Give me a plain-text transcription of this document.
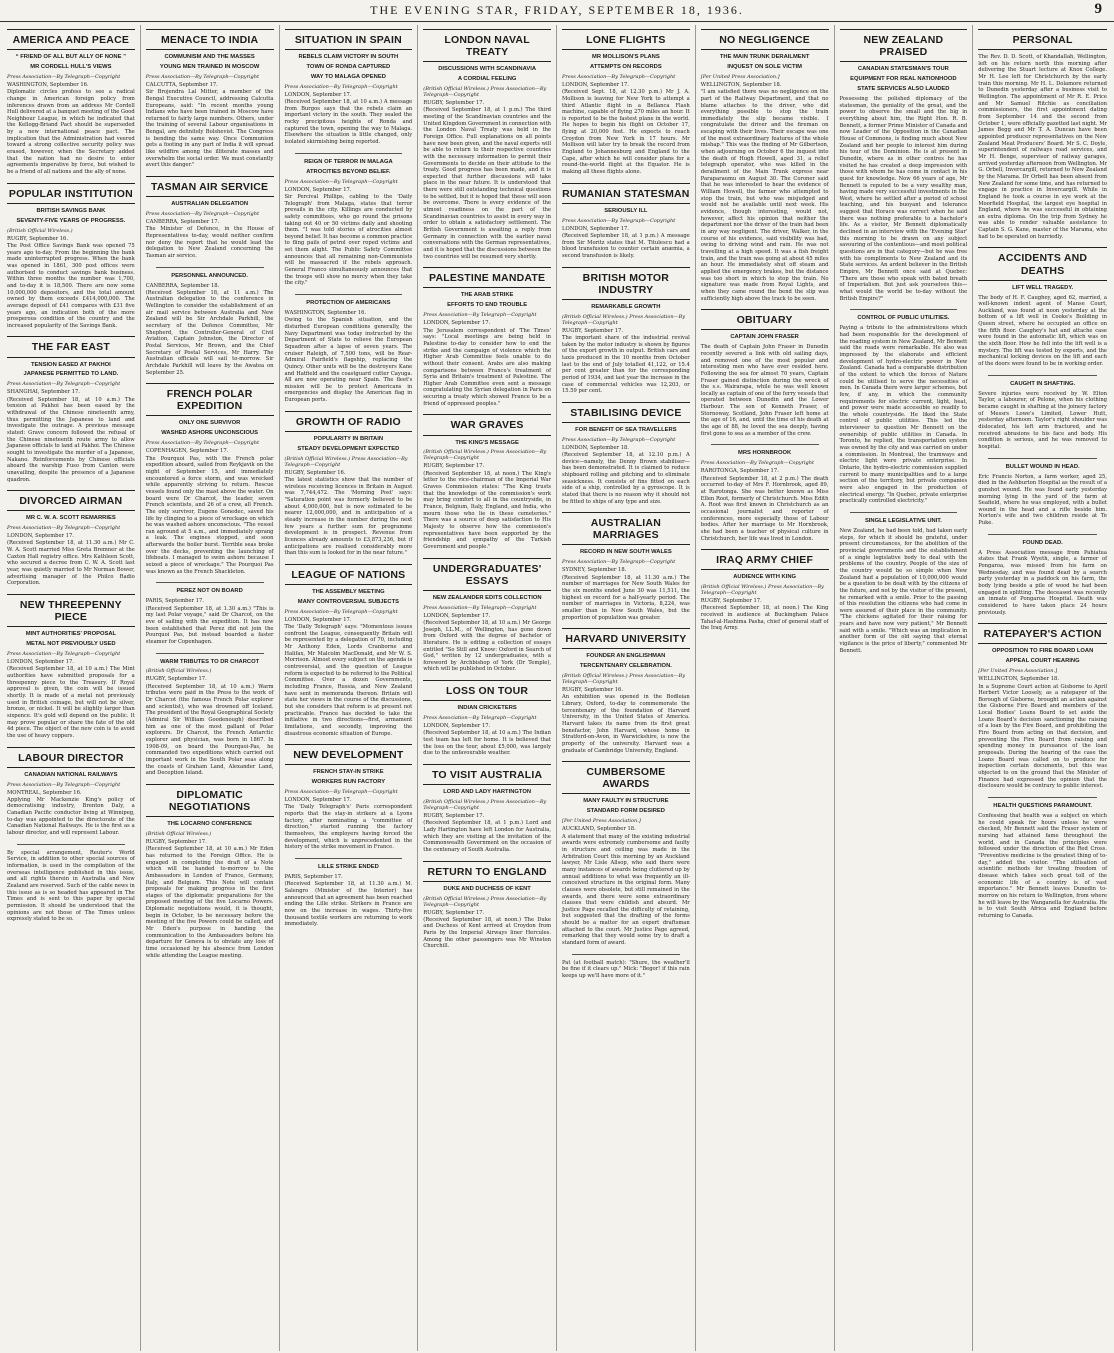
THE EVENING STAR, FRIDAY, SEPTEMBER 18, 1936.	9
AMERICA AND PEACE
“ FRIEND OF ALL BUT ALLY OF NONE ”
MR CORDELL HULL'S VIEWS
Press Association—By Telegraph—Copyright
WASHINGTON, September 16.
Diplomatic circles profess to see a radical change in American foreign policy from inferences drawn from an address Mr Cordell Hull delivered at a banquet meeting of the Good Neighbour League, in which he indicated that the Kellogg-Briand Pact should be superseded by a new international peace pact. The implication that the Administration had veered toward a strong collective security policy was erased, however, when the Secretary added that the nation had no desire to enter agreements imperative by force, but wished to be a friend of all nations and the ally of none.
POPULAR INSTITUTION
BRITISH SAVINGS BANK
SEVENTY-FIVE YEARS OF PROGRESS.
(British Official Wireless.)
RUGBY, September 16.
The Post Office Savings Bank was opened 75 years ago to-day. From the beginning the bank made uninterrupted progress. When the bank was opened in 1861, 300 post offices were authorised to conduct savings bank business. Within three months the number was 1,700, and to-day it is 18,500. There are now some 10,000,000 depositors, and the total amount owned by them exceeds £414,000,000. The average deposit of £41 compares with £31 five years ago, an indication both of the more prosperous condition of the country and the increased popularity of the Savings Bank.
THE FAR EAST
TENSION EASED AT PAKHOI
JAPANESE PERMITTED TO LAND.
Press Association—By Telegraph—Copyright
SHANGHAI, September 17.
(Received September 18, at 10 a.m.) The tension at Pakhoi has been eased by the withdrawal of the Chinese nineteenth army, thus permitting the Japanese to land and investigate the outrage. A previous message stated: Grave concern followed the refusal of the Chinese nineteenth route army to allow Japanese officials to land at Pakhoi. The Chinese sought to investigate the murder of a Japanese, Nakano. Reinforcements by Chinese officials aboard the warship Fuso from Canton were unavailing, despite the presence of a Japanese quadron.
DIVORCED AIRMAN
MR C. W. A. SCOTT REMARRIES
Press Association—By Telegraph—Copyright
LONDON, September 17.
(Received September 18, at 11.30 a.m.) Mr C. W. A. Scott married Miss Greta Bremner at the Caxton Hall registry office. Mrs Kathleen Scott, who secured a decree from C. W. A. Scott last year, was quietly married to Mr Norman Bower, advertising manager of the Philco Radio Corporation.
NEW THREEPENNY PIECE
MINT AUTHORITIES' PROPOSAL
METAL NOT PREVIOUSLY USED
Press Association—By Telegraph—Copyright
LONDON, September 17.
(Received September 18, at 10 a.m.) The Mint authorities have submitted proposals for a threepenny piece to the Treasury. If Royal approval is given, the coin will be issued shortly. It is made of a metal not previously used in British coinage, but will not be silver, bronze, or nickel. It will be slightly larger than sixpence. It's gold will depend on the public. It may prove popular or share the fate of the old 4d piece. The object of the new coin is to avoid the use of heavy coppers.
LABOUR DIRECTOR
CANADIAN NATIONAL RAILWAYS
Press Association—By Telegraph—Copyright
MONTREAL, September 16.
Applying Mr Mackenzie King's policy of democratising industry, Brenton Daly, a Canadian Pacific conductor living at Winnipeg, to-day was appointed to the directorate of the Canadian National Railways. He is the first as a labour director, and will represent Labour.
By special arrangement, Reuter's World Service, in addition to other special sources of information, is used in the compilation of the overseas intelligence published in this issue, and all rights therein in Australia and New Zealand are reserved. Such of the cable news in this issue as is so headed has appeared in The Times and is sent to this paper by special permission. It should be understood that the opinions are not those of The Times unless expressly stated to be so.
MENACE TO INDIA
COMMUNISM AND THE MASSES
YOUNG MEN TRAINED IN MOSCOW
Press Association—By Telegraph—Copyright
CALCUTTA, September 17.
Sir Brojendra Lal Mitter, a member of the Bengal Executive Council, addressing Calcutta Europeans, said: "In recent months young Indians who have been trained in Moscow have returned to fairly large numbers. Others, under the training of several Labour organisations in Bengal, are definitely Bolshevist. The Congress is bending the same way. Once Communism gets a footing in any part of India it will spread like wildfire among the illiterate masses and overwhelm the social order. We must constantly avert this danger."
TASMAN AIR SERVICE
AUSTRALIAN DELEGATION
Press Association—By Telegraph—Copyright
CANBERRA, September 17.
The Minister of Defence, in the House of Representatives to-day, would neither confirm nor deny the report that he would lead the delegation to New Zealand concerning the Tasman air service.
PERSONNEL ANNOUNCED.
CANBERRA, September 18.
(Received September 18, at 11 a.m.) The Australian delegation to the conference in Wellington to consider the establishment of an air mail service between Australia and New Zealand will be Sir Archdale Parkhill, the secretary of the Defence Committee, Mr Shepherd, the Controller-General of Civil Aviation, Captain Johnston, the Director of Postal Services, Mr Brown, and the Chief Secretary of Postal Services, Mr Harry. The Australian officials will sail to-morrow. Sir Archdale Parkhill will leave by the Awatea on September 25.
FRENCH POLAR EXPEDITION
ONLY ONE SURVIVOR
WASHED ASHORE UNCONSCIOUS
Press Association—By Telegraph—Copyright
COPENHAGEN, September 17.
The Pourquoi Pas, with the French polar expedition aboard, sailed from Reykjavik on the night of September 15, and immediately encountered a force storm, and was wrecked while apparently striving to return. Rescue vessels found only the mast above the water. On board were Dr Charcot, the leader, seven French scientists, and 26 of a crew, all French. The only survivor, Eugene Gonedec, saved his life by clinging to a piece of wreckage on which he was washed ashore unconscious. "The vessel ran aground at 5 a.m., and immediately sprang a leak. The engines stopped, and soon afterwards the boiler burst. Terrible seas broke over the decks, preventing the launching of lifeboats. I managed to swim ashore because I seized a piece of wreckage." The Pourquoi Pas was known as the French Shackleton.
PEREZ NOT ON BOARD
PARIS, September 17.
(Received September 18, at 1.30 a.m.) "This is my last Polar voyage," said Dr Charcot, on the eve of sailing with the expedition. It has now been established that Perez did not join the Pourquoi Pas, but instead boarded a faster steamer for Copenhagen.
WARM TRIBUTES TO DR CHARCOT
(British Official Wireless.)
RUGBY, September 17.
(Received September 18, at 10 a.m.) Warm tributes were paid in the Press to the work of Dr Charcot (the famous French Polar explorer and scientist), who was drowned off Iceland. The president of the Royal Geographical Society (Admiral Sir William Goodenough) described him as one of the most gallant of Polar explorers. Dr Charcot, the French Antarctic explorer and physician, was born in 1867. In 1908-09, on board the Pourquoi-Pas, he commanded two expeditions which carried out important work in the South Polar seas along the coasts of Graham Land, Alexander Land, and Deception Island.
DIPLOMATIC NEGOTIATIONS
THE LOCARNO CONFERENCE
(British Official Wireless.)
RUGBY, September 17.
(Received September 18, at 10 a.m.) Mr Eden has returned to the Foreign Office. He is engaged in completing the draft of a Note which will be handed to-morrow to the Ambassadors in London of France, Germany, Italy, and Belgium. This Note will contain proposals for making progress in the first stages of the diplomatic preparations for the proposed meeting of the five Locarno Powers. Diplomatic negotiations would, it is thought, begin in October, to be necessary before the meeting of the five Powers could be called, and Mr Eden's purpose in handing the communication to the Ambassadors before his departure for Geneva is to obviate any loss of time occasioned by his absence from London while attending the League meeting.
SITUATION IN SPAIN
REBELS CLAIM VICTORY IN SOUTH
TOWN OF RONDA CAPTURED
WAY TO MALAGA OPENED
Press Association—By Telegraph—Copyright
LONDON, September 17.
(Received September 18, at 10 a.m.) A message from Burgos says that the rebels claim an important victory in the south. They sealed the rocky precipitous heights of Ronda and captured the town, opening the way to Malaga. Elsewhere the situation is little changed, only isolated skirmishing being reported.
REIGN OF TERROR IN MALAGA
ATROCITIES BEYOND BELIEF.
Press Association—By Telegraph—Copyright
LONDON, September 17.
Sir Percival Phillips, cabling to the 'Daily Telegraph' from Malaga, states that terror prevails in the city. Killings are conducted by safety committees, who go round the prisons taking out 40 or 50 victims daily and shooting them. "I was told stories of atrocities almost beyond belief. It has become a common practice to fling pails of petrol over roped victims and set them alight. The Public Safety Committee announces that all remaining non-Communists will be massacred if the rebels approach. General Franco simultaneously announces that the troops will show no mercy when they take the city."
PROTECTION OF AMERICANS
WASHINGTON, September 16.
Owing to the Spanish situation, and the disturbed European conditions generally, the Navy Department was today instructed by the Department of State to relieve the European Squadron after a lapse of seven years. The cruiser Raleigh, of 7,500 tons, will be Rear-Admiral Fairfield's flagship, replacing the Quincy. Other units will be the destroyers Kane and Hatfield and the coastguard cutter Cayuga. All are now operating near Spain. The fleet's mission will be to protect Americans in emergencies and display the American flag in European ports.
GROWTH OF RADIO
POPULARITY IN BRITAIN
STEADY DEVELOPMENT EXPECTED
(British Official Wireless.) Press Association—By Telegraph—Copyright
RUGBY, September 16.
The latest statistics show that the number of wireless receiving licences in Britain in August was 7,744,472. The 'Morning Post' says: "Saturation point was formerly believed to be about 4,000,000, but is now estimated to be nearer 12,000,000, and in anticipation of a steady increase in the number during the next few years a further sum for programme development is in prospect. Revenue from licences already amounts to £3,873,236, but if anticipations are realised considerably more than this sum is looked for in the near future."
LEAGUE OF NATIONS
THE ASSEMBLY MEETING
MANY CONTROVERSIAL SUBJECTS
Press Association—By Telegraph—Copyright
LONDON, September 17.
The 'Daily Telegraph' says: "Momentous issues confront the League, consequently Britain will be represented by a delegation of 70, including Mr Anthony Eden, Lords Cranborne and Halifax, Mr Malcolm MacDonald, and Mr W. S. Morrison. Almost every subject on the agenda is controversial, and the question of League reform is expected to be referred to the Political Committee. Over a dozen Governments, including France, Russia, and New Zealand have sent in memoranda thereon. Britain will state her views in the course of the discussions, but she considers that reform is at present not practicable. France has decided to take the initiative in two directions—first, armament limitations, and secondly, improving the disastrous economic situation of Europe.
NEW DEVELOPMENT
FRENCH STAY-IN STRIKE
WORKERS RUN FACTORY
Press Association—By Telegraph—Copyright
LONDON, September 17.
The 'Daily Telegraph's' Paris correspondent reports that the stay-in strikers at a Lyons factory, after nominating a "committee of direction," started running the factory themselves, the employers having forced the development, which is unprecedented in the history of the strike movement in France.
LILLE STRIKE ENDED
PARIS, September 17.
(Received September 18, at 11.30 a.m.) M. Salengro (Minister of the Interior) has announced that an agreement has been reached ending the Lille strike. Strikers in France are now on the increase in wages. Thirty-five thousand textile workers are returning to work immediately.
LONDON NAVAL TREATY
DISCUSSIONS WITH SCANDINAVIA
A CORDIAL FEELING
(British Official Wireless.) Press Association—By Telegraph—Copyright
RUGBY, September 17.
(Received September 18, at 1 p.m.) The third meeting of the Scandinavian countries and the United Kingdom Government in connection with the London Naval Treaty was held in the Foreign Office. Full explanations on all points have now been given, and the naval experts will be able to return to their respective countries with the necessary information to permit their Governments to decide on their attitude to the treaty. Good progress has been made, and it is expected that further discussions will take place in the near future. It is understood that there were still outstanding technical questions to be settled, but it is hoped that these will soon be overcome. There is every evidence of the utmost readiness on the part of the Scandinavian countries to assist in every way in order to obtain a satisfactory settlement. The British Government is awaiting a reply from Germany in connection with the earlier naval conversations with the German representatives, and it is hoped that the discussions between the two countries will be resumed very shortly.
PALESTINE MANDATE
THE ARAB STRIKE
EFFORTS TO END TROUBLE
Press Association—By Telegraph—Copyright
LONDON, September 17.
The Jerusalem correspondent of 'The Times' says: "Local meetings are being held in Palestine to-day to consider how to end the strike and the campaign of violence which the Higher Arab Committee feels unable to do without their consent. Arabs are also making comparisons between France's treatment of Syria and Britain's treatment of Palestine. The Higher Arab Committee even sent a message congratulating the Syrian delegation in Paris on securing a treaty which showed France to be a friend of oppressed peoples."
WAR GRAVES
THE KING'S MESSAGE
(British Official Wireless.) Press Association—By Telegraph—Copyright
RUGBY, September 17.
(Received September 18, at noon.) The King's letter to the vice-chairman of the Imperial War Graves Commission states: "The King trusts that the knowledge of the commission's work may bring comfort to all in the countryside, in France, Belgium, Italy, England, and India, who mourn those who lie in these cemeteries." There was a source of deep satisfaction to His Majesty to observe how the commission's representatives have been supported by the friendship and sympathy of the Turkish Government and people."
UNDERGRADUATES' ESSAYS
NEW ZEALANDER EDITS COLLECTION
Press Association—By Telegraph—Copyright
LONDON, September 17.
(Received September 18, at 10 a.m.) Mr George Joseph, LL.M., of Wellington, has gone down from Oxford with the degree of bachelor of literature. He is editing a collection of essays entitled "So Still and Know: Oxford in Search of God," written by 12 undergraduates, with a foreword by Archbishop of York (Dr Temple), which will be published in October.
LOSS ON TOUR
INDIAN CRICKETERS
Press Association—By Telegraph—Copyright
LONDON, September 17.
(Received September 18, at 10 a.m.) The Indian test team has left for home. It is believed that the loss on the tour, about £5,000, was largely due to the unfavourable weather.
TO VISIT AUSTRALIA
LORD AND LADY HARTINGTON
(British Official Wireless.) Press Association—By Telegraph—Copyright
RUGBY, September 17.
(Received September 18, at 1 p.m.) Lord and Lady Hartington have left London for Australia, which they are visiting at the invitation of the Commonwealth Government on the occasion of the centenary of South Australia.
RETURN TO ENGLAND
DUKE AND DUCHESS OF KENT
(British Official Wireless.) Press Association—By Telegraph—Copyright
RUGBY, September 17.
(Received September 18, at noon.) The Duke and Duchess of Kent arrived at Croydon from Paris by the Imperial Airways liner Hercules. Among the other passengers was Mr Winston Churchill.
LONE FLIGHTS
MR MOLLISON'S PLANS
ATTEMPTS ON RECORDS
Press Association—By Telegraph—Copyright
LONDON, September 17.
(Received Sept. 18, at 12.30 p.m.) Mr J. A. Mollison is leaving for New York to attempt a third Atlantic flight in a Bellanca Flash machine, capable of flying 270 miles an hour. It is reported to be the fastest plane in the world. He hopes to begin his flight on October 17, flying at 20,000 feet. He expects to reach Croydon from New York in 17 hours. Mr Mollison will later try to break the record from England to Johannesburg and England to the Cape, after which he will consider plans for a round-the-world flight at the Equator. He is making all these flights alone.
RUMANIAN STATESMAN
SERIOUSLY ILL
Press Association—By Telegraph—Copyright
LONDON, September 17.
(Received September 18, at 1 p.m.) A message from Sir Moritz states that M. Titulescu had a blood transfusion to counter certain anæmia, a second transfusion is likely.
BRITISH MOTOR INDUSTRY
REMARKABLE GROWTH
(British Official Wireless.) Press Association—By Telegraph—Copyright
RUGBY, September 17.
The important share of the industrial revival taken by the motor industry is shown by figures of the export growth in output. British cars and taxis produced in the 10 months from October last to the end of July totalled 41,122, or 15.4 per cent greater than for the corresponding period of 1934, and last year the increase in the case of commercial vehicles was 12,203, or 15.59 per cent.
STABILISING DEVICE
FOR BENEFIT OF SEA TRAVELLERS
Press Association—By Telegraph—Copyright
LONDON, September 18.
(Received September 18, at 12.10 p.m.) A device—namely, the Denny Brown stabiliser—has been demonstrated. It is claimed to reduce shipboard rolling and pitching and to eliminate seasickness. It consists of fins fitted on each side of a ship, controlled by a gyroscope. It is stated that there is no reason why it should not be fitted to ships of any type and size.
AUSTRALIAN MARRIAGES
RECORD IN NEW SOUTH WALES
Press Association—By Telegraph—Copyright
SYDNEY, September 18.
(Received September 18, at 11.30 a.m.) The number of marriages for New South Wales for the six months ended June 30 was 11,511, the highest on record for a half-yearly period. The number of marriages in Victoria, 8,224, was smaller than in New South Wales, but the proportion of population was greater.
HARVARD UNIVERSITY
FOUNDER AN ENGLISHMAN
TERCENTENARY CELEBRATION.
(British Official Wireless.) Press Association—By Telegraph—Copyright
RUGBY, September 16.
An exhibition was opened in the Bodleian Library, Oxford, to-day to commemorate the tercentenary of the foundation of Harvard University, in the United States of America. Harvard takes its name from its first great benefactor, John Harvard, whose home in Stratford-on-Avon, in Warwickshire, is now the property of the university. Harvard was a graduate of Cambridge University, England.
CUMBERSOME AWARDS
MANY FAULTY IN STRUCTURE
STANDARD FORM DESIRED
[Per United Press Association.]
AUCKLAND, September 18.
A statement that many of the existing industrial awards were extremely cumbersome and faulty in structure and ceiling was made in the Arbitration Court this morning by an Auckland lawyer, Mr Lisle Allsop, who said there were many instances of awards being cluttered up by annual additions to what was frequently an ill-conceived structure in the original form. Many clauses were obsolete, but still remained in the awards, and there were some extraordinary clauses that were childish and absurd. Mr Justice Page recalled the difficulty of retaining, but suggested that the drafting of the forms should be a matter for an expert draftsman attached to the court. Mr Justice Page agreed, remarking that they would some try to draft a standard form of award.
Pat (at football match): "Shure, the weather'll be fine if it clears up." Mick: "Begor! if this rain keeps up we'll have more of it."
NO NEGLIGENCE
THE MAIN TRUNK DERAILMENT
INQUEST ON SOLE VICTIM
[Per United Press Association.]
WELLINGTON, September 18.
"I am satisfied there was no negligence on the part of the Railway Department, and that no blame attaches to the driver, who did everything possible to stop the train immediately the slip became visible. I congratulate the driver and the fireman on escaping with their lives. Their escape was one of the most extraordinary features of the whole mishap." This was the finding of Mr Gilbertson, when adjourning on October 6 the inquest into the death of Hugh Howell, aged 31, a relief telegraph operator, who was killed in the derailment of the Main Trunk express near Paraparaumu on August 30. The Coroner said that he was interested to hear the evidence of William Howell, the farmer who attempted to stop the train, but who was misjudged and would not be available until next week. His evidence, though interesting, would not, however, affect his opinion that neither the department nor the driver of the train had been in any way negligent. The driver, Walker, in the course of his evidence, said visibility was bad, owing to driving wind and rain. He was not travelling at a high speed. It was a fish freight train, and the train was going at about 45 miles an hour. He immediately shut off steam and applied the emergency brakes, but the distance was too short in which to stop the train. No signature was made from Royal Lights, and when they came round the bend the slip was sufficiently high above the track to be seen.
OBITUARY
CAPTAIN JOHN FRASER
The death of Captain John Fraser in Dunedin recently severed a link with old sailing days, and removed one of the most popular and interesting men who have ever resided here. Following the sea for almost 70 years, Captain Fraser gained distinction during the wreck of the s.s. Wairarapa, while he was well known locally as captain of one of the ferry vessels that operated between Dunedin and the Lower Harbour. The son of Kenneth Fraser, of Stornoway, Scotland, John Fraser left home at the age of 16, and, until the time of his death at the age of 88, he loved the sea deeply, having first gone to sea as a member of the crew.
MRS HORNBROOK
Press Association—By Telegraph—Copyright
RAROTONGA, September 17.
(Received September 18, at 2 p.m.) The death occurred to-day of Mrs F. Hornbrook, aged 89, at Rarotonga. She was better known as Miss Ellen Root, formerly of Christchurch. Miss Edith A. Root was first known in Christchurch as an occasional journalist and reporter of conferences, more especially those of Labour bodies. After her marriage to Mr Hornbrook, she had been a teacher of physical culture in Christchurch, her life was lived in London.
IRAQ ARMY CHIEF
AUDIENCE WITH KING
(British Official Wireless.) Press Association—By Telegraph—Copyright
RUGBY, September 17.
(Received September 18, at noon.) The King received in audience at Buckingham Palace Tahaf-al-Hashima Pasha, chief of general staff of the Iraq Army.
NEW ZEALAND PRAISED
CANADIAN STATESMAN'S TOUR
EQUIPMENT FOR REAL NATIONHOOD
STATE SERVICES ALSO LAUDED
Possessing the polished diplomacy of the statesman, the geniality of the great, and the power to observe the small and the big in everything about him, the Right Hon. R. B. Bennett, a former Prime Minister of Canada and now Leader of the Opposition in the Canadian House of Commons, is finding much about New Zealand and her people to interest him during his tour of the Dominion. He is at present in Dunedin, where as in other centres he has visited he has created a deep impression with those with whom he has come in contact in his quest for knowledge. Now 66 years of age, Mr Bennett is reputed to be a very wealthy man, having made very successful investments in the West, where he settled after a period of school teaching, and his buoyant and tolerance suggest that Horace was correct when he said there was nothing preferable to a bachelor's life. As a visitor, Mr Bennett diplomatically declined in an interview with the 'Evening Star' this morning to be drawn on any subject savouring of the contentious—and most political questions are in that category—but he was free with his compliments to New Zealand and its State services. An ardent believer in the British Empire, Mr Bennett once said at Quebec: "There are those who speak with bated breath of Imperialism. But just ask yourselves this—what would the world be to-day without the British Empire?"
CONTROL OF PUBLIC UTILITIES.
Paying a tribute to the administrations which had been responsible for the development of the roading system in New Zealand, Mr Bennett said the roads were remarkable. He also was impressed by the elaborate and efficient development of hydro-electric power in New Zealand. Canada had a comparable distribution of the extent to which the forces of Nature could be utilised to serve the necessities of men. In Canada there were larger schemes, but few, if any, in which the community requirements for electric current, light, heat, and power were made accessible so readily to the whole countryside. He liked the State control of public utilities. This led the interviewer to question Mr Bennett on the ownership of public utilities in Canada. In Toronto, he replied, the transportation system was owned by the city and was carried on under a commission. In Montreal, the tramways and electric light were private enterprise. In Ontario, the hydro-electric commission supplied current to many municipalities and to a large section of the territory, but private companies were also engaged in the production of electrical energy. "In Quebec, private enterprise practically controlled electricity."
SINGLE LEGISLATIVE UNIT.
New Zealand, he had been told, had taken early steps, for which it should be grateful, under present circumstances, for the abolition of the provincial governments and the establishment of a single legislative body to deal with the problems of the country. People of the size of the country would be so simple when New Zealand had a population of 10,000,000 would be a question to be dealt with by the citizens of the future, and not by the visitor of the present, he remarked with a smile. Prior to the passing of this resolution the citizens who had come in were assured of their place in the community. "The chickens agitated for their raising for years and have now very patient," Mr Bennett said with a smile. "Which was an implication in another form of the old saying that eternal vigilance is the price of liberty," commented Mr Bennett.
PERSONAL
The Rev. D. D. Scott, of Khandallah, Wellington, left on his return north this morning after delivering the Stuart lecture at Knox College. Mr H. Lee left for Christchurch by the early train this morning. Mr H. L. Dolamore returned to Dunedin yesterday after a business visit to Wellington. The appointment of Mr R. E. Price and Mr Samuel Ritchie as conciliation commissioners, the first appointment dating from September 14 and the second from October 1, were officially gazetted last night. Mr James Begg and Mr T. A. Duncan have been appointed producer representatives on the New Zealand Meat Producers' Board. Mr S. C. Doyle, superintendent of railways road services, and Mr H. Benge, supervisor of railway garages, arrived yesterday afternoon from Wellington. Mr G. Orbell, Invercargill, returned to New Zealand by the Marama. Dr Orbell has been absent from New Zealand for some time, and has returned to engage in practice in Invercargill. While in England he took a course in eye work at the Moorfield Hospital, the largest eye hospital in England, where he was successful in obtaining an extra diploma. On the trip from Sydney he was able to render valuable assistance to Captain S. G. Kane, master of the Marama, who had to be operated on hurriedly.
ACCIDENTS AND DEATHS
LIFT WELL TRAGEDY.
The body of H. F. Caughey, aged 62, married, a well-known indent agent of Manse Court, Auckland, was found at noon yesterday at the bottom of a lift well in Cooke's Building in Queen street, where he occupied an office on the fifth floor. Caughey's hat and attache case were found in the automatic lift, which was on the sixth floor. How he fell into the lift well is a mystery. The lift was tested by experts, and the mechanical locking devices on the lift and each of the doors were found to be in working order.
CAUGHT IN SHAFTING.
Severe injuries were received by W. Elton Taylor, a labourer, of Pelone, when his clothing became caught in shafting at the joinery factory of Messrs Lowe's Limited, Lower Hutt, yesterday afternoon. Taylor's right shoulder was dislocated, his left arm fractured, and he received abrasions to his face and body. His condition is serious, and he was removed to hospital.
BULLET WOUND IN HEAD.
Eric Francis Norton, a farm worker, aged 25, died in the Ashburton Hospital as the result of a gunshot wound. He was found early yesterday morning lying in the yard of the farm at Seafield, where he was employed, with a bullet wound in the head and a rifle beside him. Norton's wife and two children reside at Te Puke.
FOUND DEAD.
A Press Association message from Pahiatua states that Frank Wyeth, single, a farmer of Pongaroa, was missed from his farm on Wednesday, and was found dead by a search party yesterday in a paddock on his farm, the body lying beside a pile of wood he had been engaged in splitting. The deceased was recently an inmate of Pongaroa Hospital. Death was considered to have taken place 24 hours previously.
RATEPAYER'S ACTION
OPPOSITION TO FIRE BOARD LOAN
APPEAL COURT HEARING
[Per United Press Association.]
WELLINGTON, September 18.
In a Supreme Court action at Gisborne to April Herbert Victor Loosely, as a ratepayer of the Borough of Gisborne, brought an action against the Gisborne Fire Board and members of the Local Bodies' Loans Board to set aside the Loans Board's decision sanctioning the raising of a loan by the Fire Board, and prohibiting the Fire Board from acting on that decision, and preventing the Fire Board from raising and spending money in pursuance of the loan proposals. During the hearing of the case the Loans Board was called on to produce for inspection certain documents, but this was objected to on the ground that the Minister of Finance had expressed the opinion that the disclosure would be contrary to public interest.
HEALTH QUESTIONS PARAMOUNT.
Confessing that health was a subject on which he could speak for hours unless he were checked, Mr Bennett said the Fraser system of nursing had attained fame throughout the world, and in Canada the principles were followed under the direction of the Red Cross. "Preventive medicine is the greatest thing of to-day," added the visitor. "The utilisation of scientific methods for treating freedom of disease which takes such great toll of the economic life of a country is of vast importance." Mr Bennett leaves Dunedin to-morrow on his return to Wellington, from where he will leave by the Wanganella for Australia. He is to visit South Africa and England before returning to Canada.
